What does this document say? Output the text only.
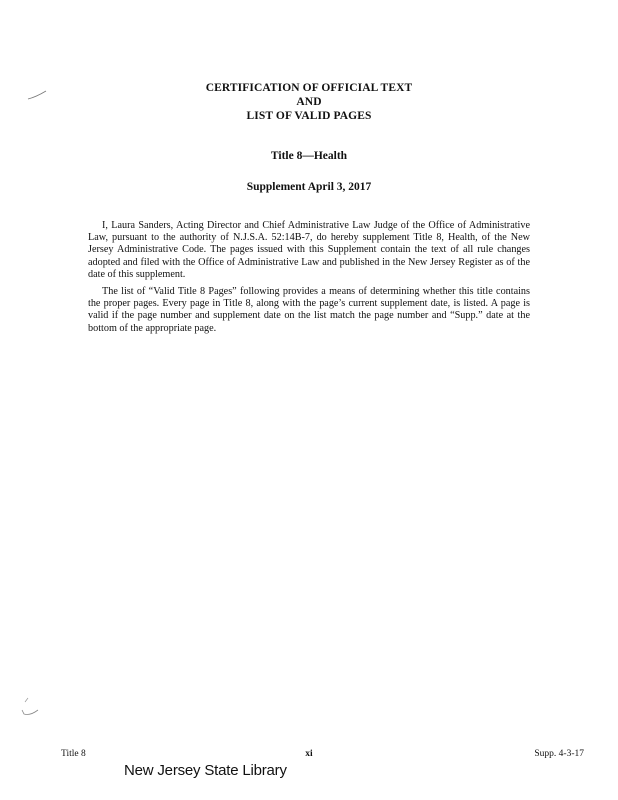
CERTIFICATION OF OFFICIAL TEXT
AND
LIST OF VALID PAGES
Title 8—Health
Supplement April 3, 2017

I, Laura Sanders, Acting Director and Chief Administrative Law Judge of the Office of Administrative Law, pursuant to the authority of N.J.S.A. 52:14B-7, do hereby supplement Title 8, Health, of the New Jersey Administrative Code. The pages issued with this Supplement contain the text of all rule changes adopted and filed with the Office of Administrative Law and published in the New Jersey Register as of the date of this supplement.

The list of “Valid Title 8 Pages” following provides a means of determining whether this title contains the proper pages. Every page in Title 8, along with the page’s current supplement date, is listed. A page is valid if the page number and supplement date on the list match the page number and “Supp.” date at the bottom of the appropriate page.

Title 8	xi	Supp. 4-3-17
New Jersey State Library
